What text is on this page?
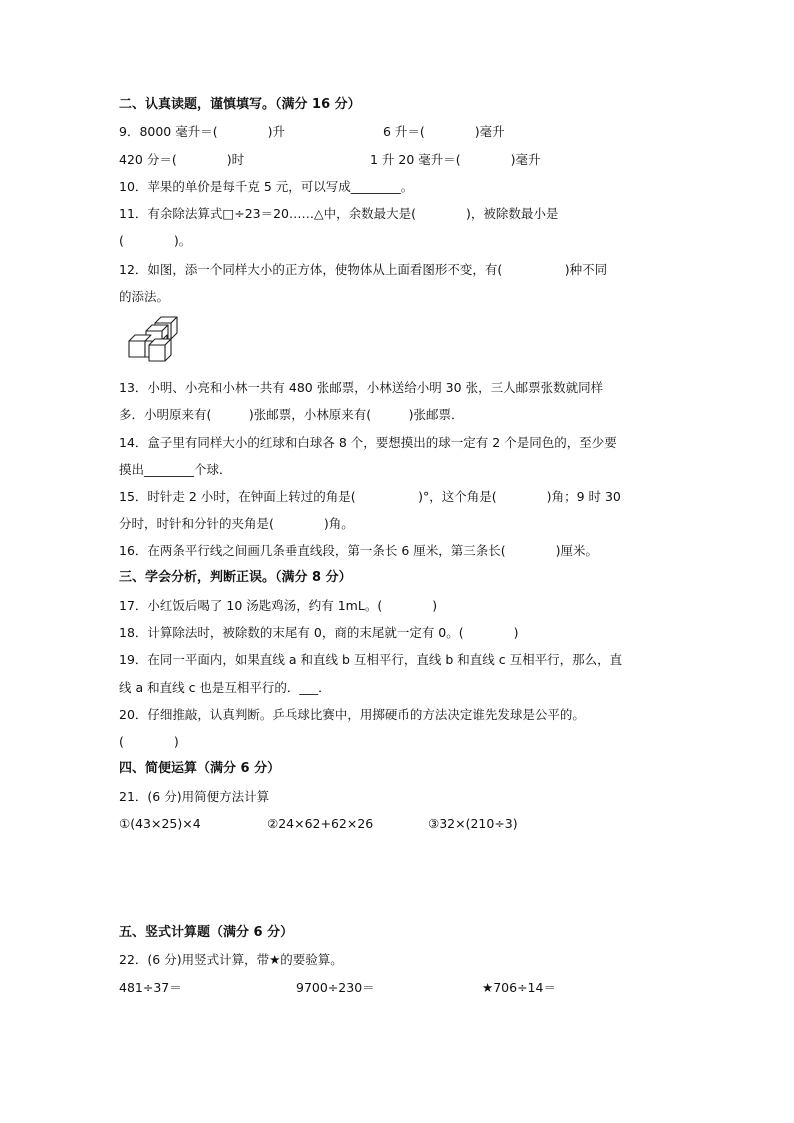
二、认真读题，谨慎填写。（满分 16 分）
9．8000 毫升＝(　　　　)升	6 升＝(　　　　)毫升
420 分＝(　　　　)时	1 升 20 毫升＝(　　　　)毫升
10．苹果的单价是每千克 5 元，可以写成________。
11．有余除法算式□÷23＝20……△中，余数最大是(　　　　)，被除数最小是
(　　　　)。
12．如图，添一个同样大小的正方体，使物体从上面看图形不变，有(　　　　　)种不同
的添法。
13．小明、小亮和小林一共有 480 张邮票，小林送给小明 30 张，三人邮票张数就同样
多．小明原来有(　　　)张邮票，小林原来有(　　　)张邮票．
14．盒子里有同样大小的红球和白球各 8 个，要想摸出的球一定有 2 个是同色的，至少要
摸出________个球．
15．时针走 2 小时，在钟面上转过的角是(　　　　　)°，这个角是(　　　　)角；9 时 30
分时，时针和分针的夹角是(　　　　)角。
16．在两条平行线之间画几条垂直线段，第一条长 6 厘米，第三条长(　　　　)厘米。
三、学会分析，判断正误。（满分 8 分）
17．小红饭后喝了 10 汤匙鸡汤，约有 1mL。(　　　　)
18．计算除法时，被除数的末尾有 0，商的末尾就一定有 0。(　　　　)
19．在同一平面内，如果直线 a 和直线 b 互相平行，直线 b 和直线 c 互相平行，那么，直
线 a 和直线 c 也是互相平行的．___．
20．仔细推敲，认真判断。乒乓球比赛中，用掷硬币的方法决定谁先发球是公平的。
(　　　　)
四、简便运算（满分 6 分）
21．(6 分)用简便方法计算
①(43×25)×4	②24×62+62×26	③32×(210÷3)
五、竖式计算题（满分 6 分）
22．(6 分)用竖式计算，带★的要验算。
481÷37＝	9700÷230＝	★706÷14＝
